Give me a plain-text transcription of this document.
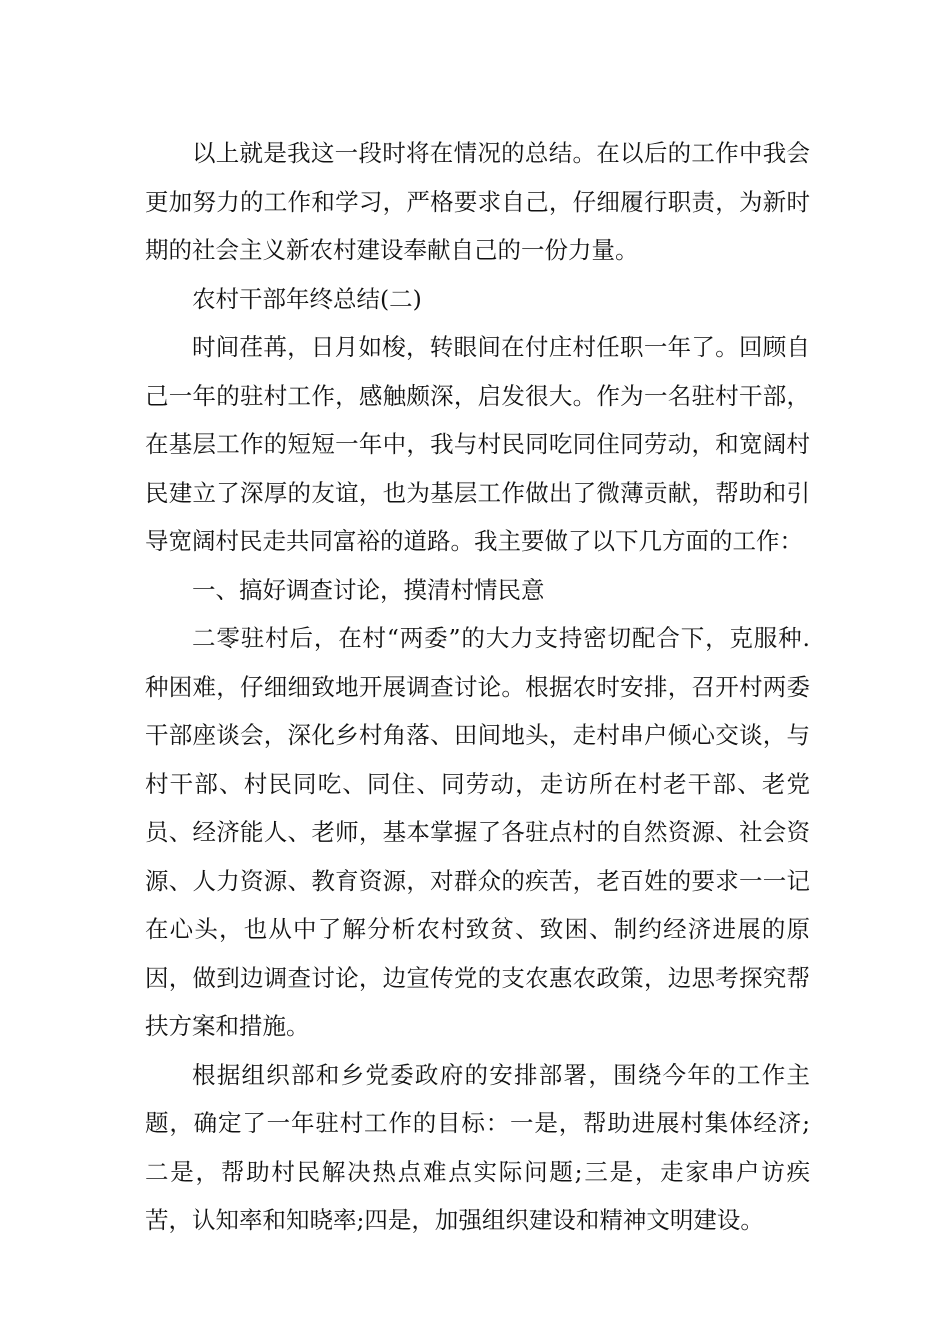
以上就是我这一段时将在情况的总结。在以后的工作中我会更加努力的工作和学习，严格要求自己，仔细履行职责，为新时期的社会主义新农村建设奉献自己的一份力量。

农村干部年终总结(二)

时间荏苒，日月如梭，转眼间在付庄村任职一年了。回顾自己一年的驻村工作，感触颇深，启发很大。作为一名驻村干部，在基层工作的短短一年中，我与村民同吃同住同劳动，和宽阔村民建立了深厚的友谊，也为基层工作做出了微薄贡献，帮助和引导宽阔村民走共同富裕的道路。我主要做了以下几方面的工作：

一、搞好调查讨论，摸清村情民意

二零驻村后，在村“两委”的大力支持密切配合下，克服种.种困难，仔细细致地开展调查讨论。根据农时安排，召开村两委干部座谈会，深化乡村角落、田间地头，走村串户倾心交谈，与村干部、村民同吃、同住、同劳动，走访所在村老干部、老党员、经济能人、老师，基本掌握了各驻点村的自然资源、社会资源、人力资源、教育资源，对群众的疾苦，老百姓的要求一一记在心头，也从中了解分析农村致贫、致困、制约经济进展的原因，做到边调查讨论，边宣传党的支农惠农政策，边思考探究帮扶方案和措施。

根据组织部和乡党委政府的安排部署，围绕今年的工作主题，确定了一年驻村工作的目标：一是，帮助进展村集体经济;二是，帮助村民解决热点难点实际问题;三是，走家串户访疾苦，认知率和知晓率;四是，加强组织建设和精神文明建设。
